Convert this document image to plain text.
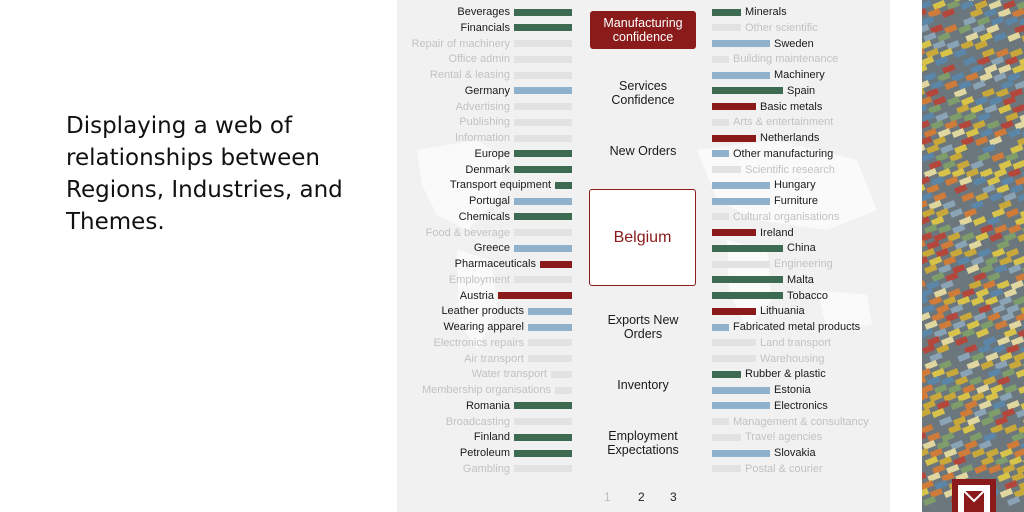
Displaying a web of relationships between Regions, Industries, and Themes.
Beverages
Financials
Repair of machinery
Office admin
Rental & leasing
Germany
Advertising
Publishing
Information
Europe
Denmark
Transport equipment
Portugal
Chemicals
Food & beverage
Greece
Pharmaceuticals
Employment
Austria
Leather products
Wearing apparel
Electronics repairs
Air transport
Water transport
Membership organisations
Romania
Broadcasting
Finland
Petroleum
Gambling
Minerals
Other scientific
Sweden
Building maintenance
Machinery
Spain
Basic metals
Arts & entertainment
Netherlands
Other manufacturing
Scientific research
Hungary
Furniture
Cultural organisations
Ireland
China
Engineering
Malta
Tobacco
Lithuania
Fabricated metal products
Land transport
Warehousing
Rubber & plastic
Estonia
Electronics
Management & consultancy
Travel agencies
Slovakia
Postal & courier
Manufacturing confidence
Services Confidence
New Orders
Belgium
Exports New Orders
Inventory
Employment Expectations
1 2 3
